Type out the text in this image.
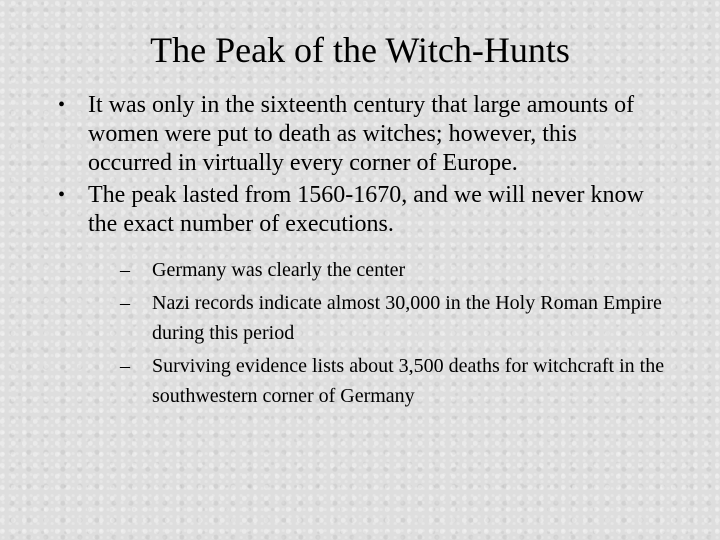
The Peak of the Witch-Hunts
• It was only in the sixteenth century that large amounts of women were put to death as witches; however, this occurred in virtually every corner of Europe.
• The peak lasted from 1560-1670, and we will never know the exact number of executions.
– Germany was clearly the center
– Nazi records indicate almost 30,000 in the Holy Roman Empire during this period
– Surviving evidence lists about 3,500 deaths for witchcraft in the southwestern corner of Germany
